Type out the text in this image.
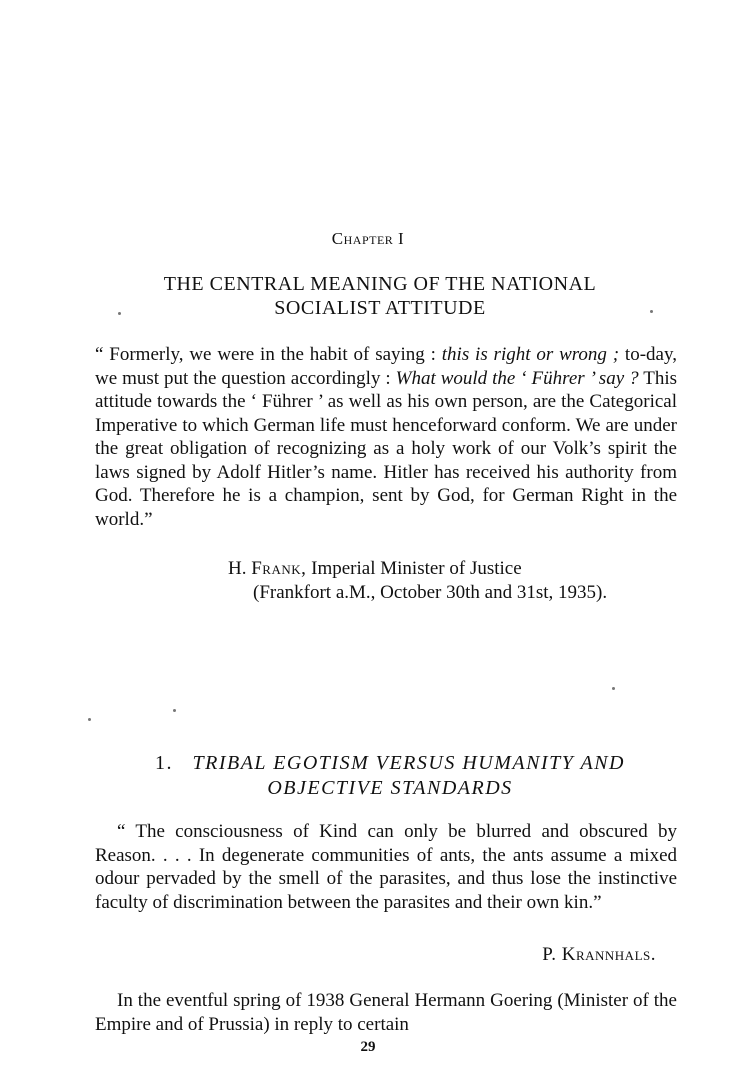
Chapter I
THE CENTRAL MEANING OF THE NATIONAL
SOCIALIST ATTITUDE
“ Formerly, we were in the habit of saying : this is right or wrong ; to-day, we must put the question accordingly : What would the ‘ Führer ’ say ? This attitude towards the ‘ Führer ’ as well as his own person, are the Categorical Imperative to which German life must henceforward conform. We are under the great obligation of recognizing as a holy work of our Volk’s spirit the laws signed by Adolf Hitler’s name. Hitler has received his authority from God. Therefore he is a champion, sent by God, for German Right in the world.”
H. Frank, Imperial Minister of Justice
(Frankfort a.M., October 30th and 31st, 1935).
1. TRIBAL EGOTISM VERSUS HUMANITY AND
OBJECTIVE STANDARDS
“ The consciousness of Kind can only be blurred and obscured by Reason. . . . In degenerate communities of ants, the ants assume a mixed odour pervaded by the smell of the parasites, and thus lose the instinctive faculty of discrimination between the parasites and their own kin.”
P. Krannhals.
In the eventful spring of 1938 General Hermann Goering (Minister of the Empire and of Prussia) in reply to certain
29
